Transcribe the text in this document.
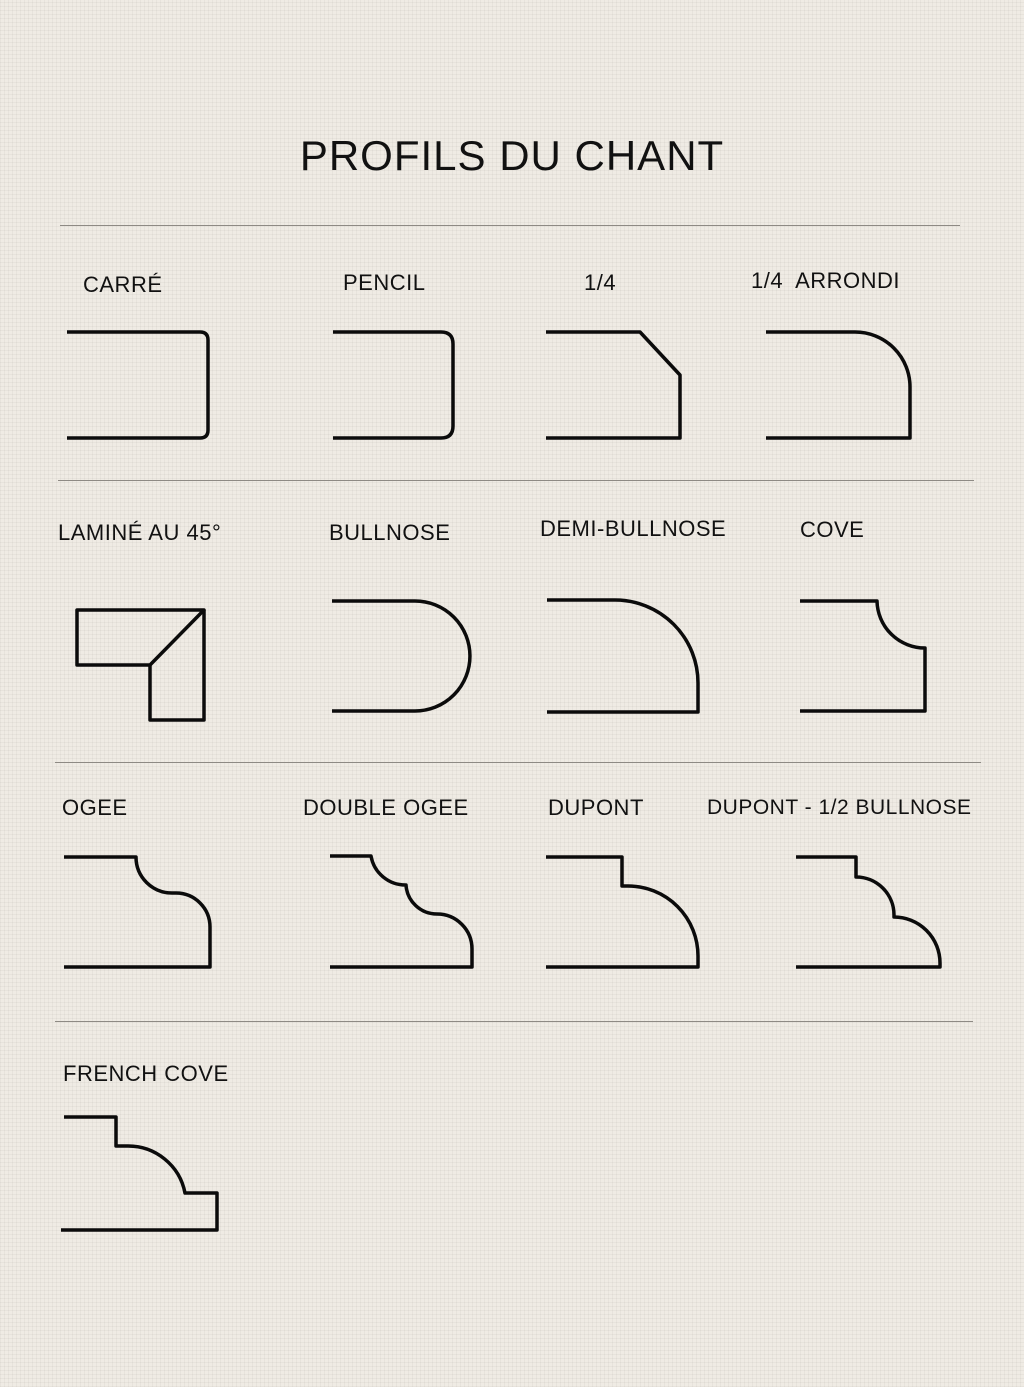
PROFILS DU CHANT
CARRÉ	PENCIL	1/4	1/4  ARRONDI
LAMINÉ AU 45°	BULLNOSE	DEMI-BULLNOSE	COVE
OGEE	DOUBLE OGEE	DUPONT	DUPONT - 1/2 BULLNOSE
FRENCH COVE
